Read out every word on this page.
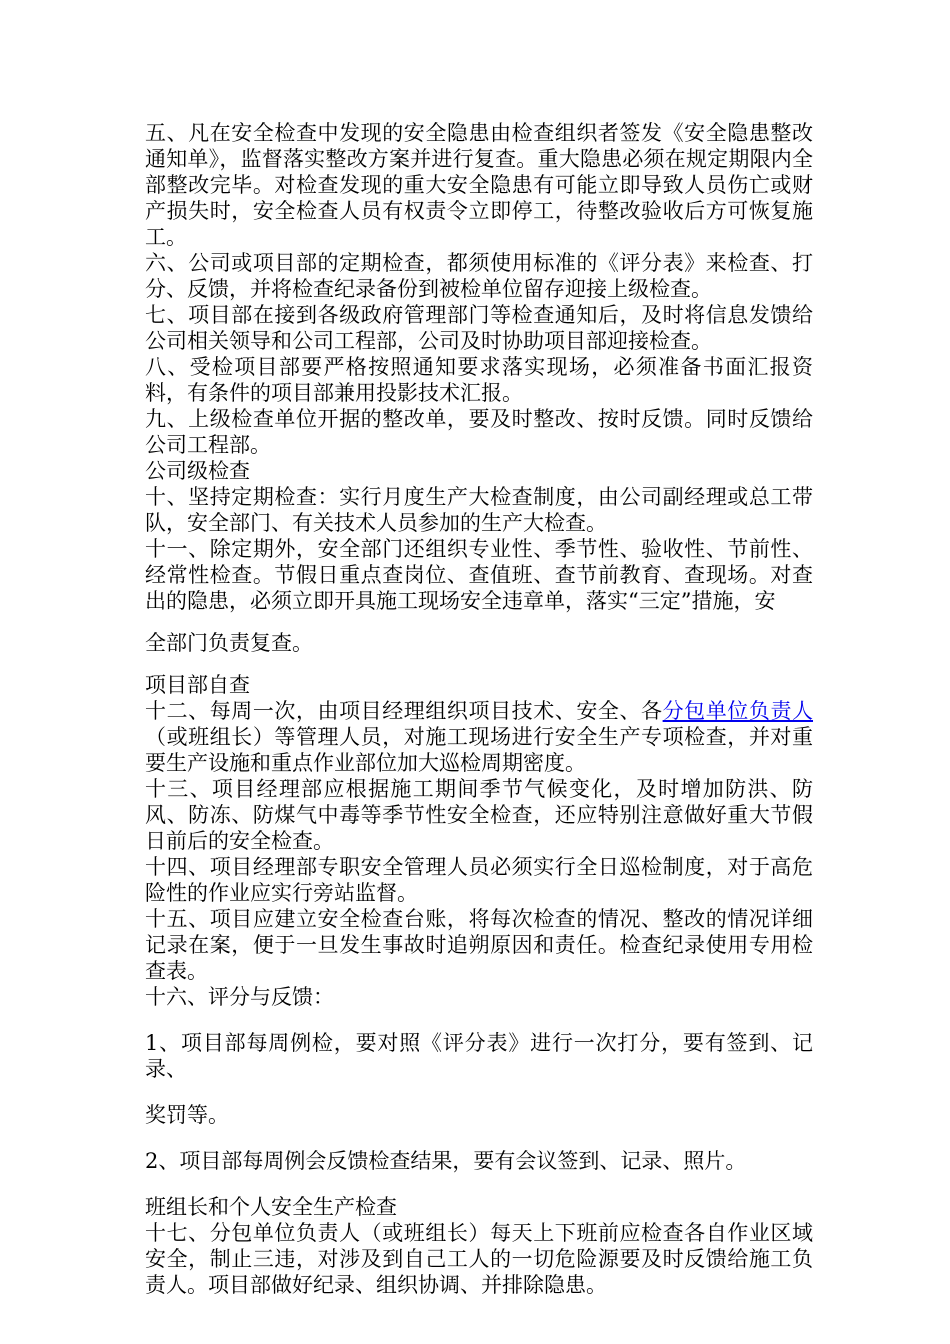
五、凡在安全检查中发现的安全隐患由检查组织者签发《安全隐患整改通知单》，监督落实整改方案并进行复查。重大隐患必须在规定期限内全部整改完毕。对检查发现的重大安全隐患有可能立即导致人员伤亡或财产损失时，安全检查人员有权责令立即停工，待整改验收后方可恢复施工。

六、公司或项目部的定期检查，都须使用标准的《评分表》来检查、打分、反馈，并将检查纪录备份到被检单位留存迎接上级检查。

七、项目部在接到各级政府管理部门等检查通知后，及时将信息发馈给公司相关领导和公司工程部，公司及时协助项目部迎接检查。

八、受检项目部要严格按照通知要求落实现场，必须准备书面汇报资料，有条件的项目部兼用投影技术汇报。

九、上级检查单位开据的整改单，要及时整改、按时反馈。同时反馈给公司工程部。

公司级检查

十、坚持定期检查：实行月度生产大检查制度，由公司副经理或总工带队，安全部门、有关技术人员参加的生产大检查。

十一、除定期外，安全部门还组织专业性、季节性、验收性、节前性、经常性检查。节假日重点查岗位、查值班、查节前教育、查现场。对查出的隐患，必须立即开具施工现场安全违章单，落实“三定”措施，安

全部门负责复查。

项目部自查

十二、每周一次，由项目经理组织项目技术、安全、各分包单位负责人（或班组长）等管理人员，对施工现场进行安全生产专项检查，并对重要生产设施和重点作业部位加大巡检周期密度。

十三、项目经理部应根据施工期间季节气候变化，及时增加防洪、防风、防冻、防煤气中毒等季节性安全检查，还应特别注意做好重大节假日前后的安全检查。

十四、项目经理部专职安全管理人员必须实行全日巡检制度，对于高危险性的作业应实行旁站监督。

十五、项目应建立安全检查台账，将每次检查的情况、整改的情况详细记录在案，便于一旦发生事故时追朔原因和责任。检查纪录使用专用检查表。

十六、评分与反馈：

1、项目部每周例检，要对照《评分表》进行一次打分，要有签到、记录、

奖罚等。

2、项目部每周例会反馈检查结果，要有会议签到、记录、照片。

班组长和个人安全生产检查

十七、分包单位负责人（或班组长）每天上下班前应检查各自作业区域安全，制止三违，对涉及到自己工人的一切危险源要及时反馈给施工负责人。项目部做好纪录、组织协调、并排除隐患。
